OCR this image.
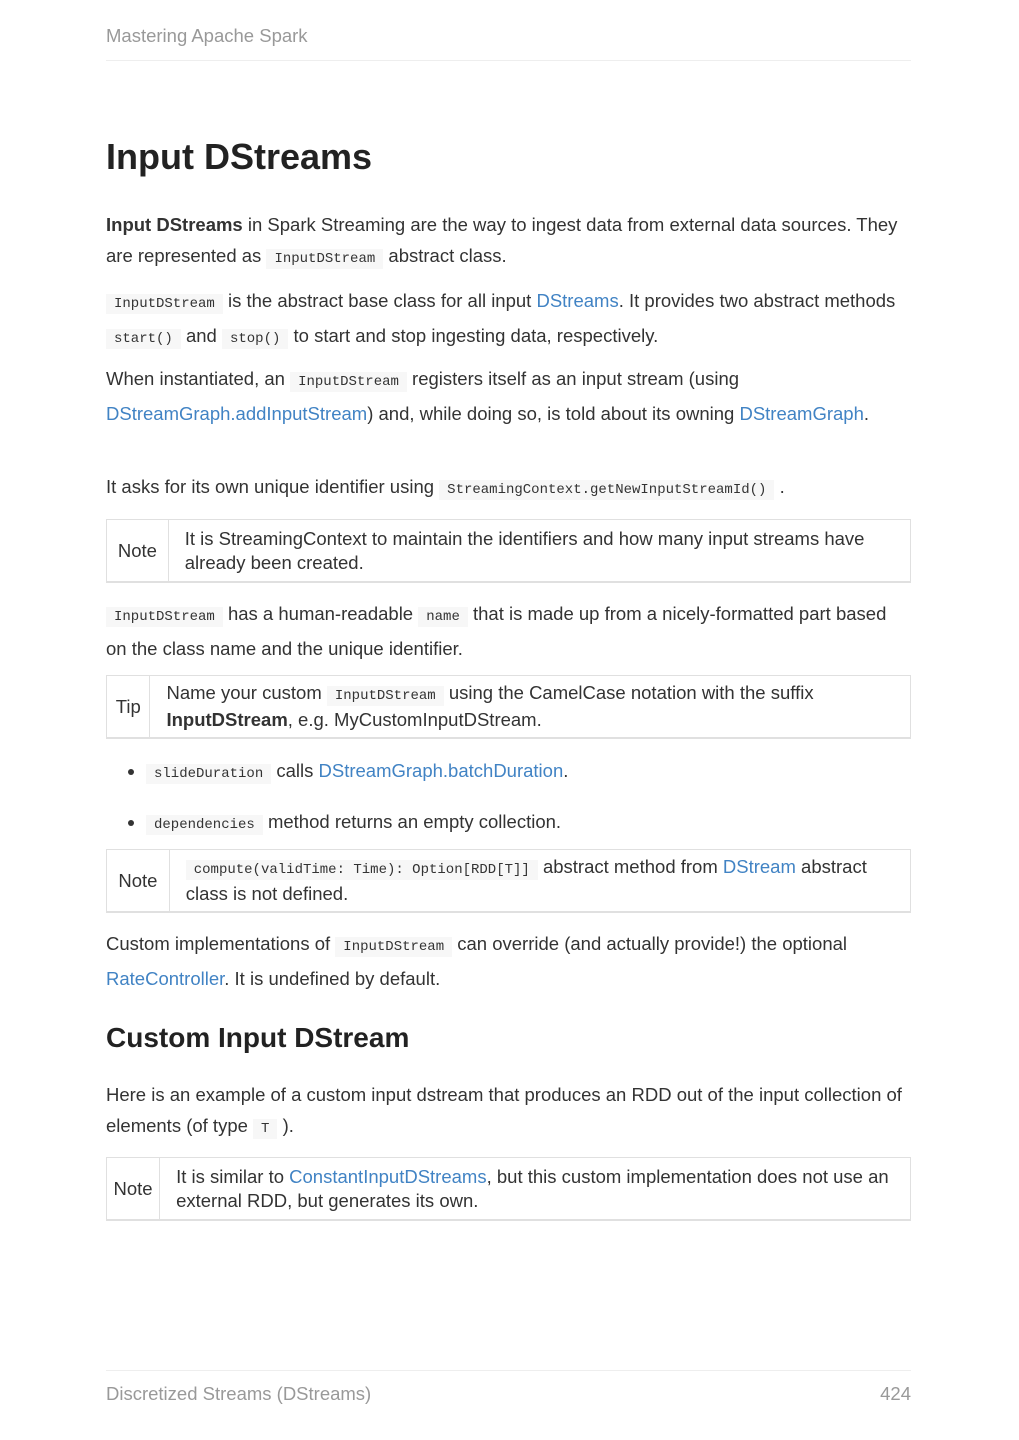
Mastering Apache Spark
Input DStreams

Input DStreams in Spark Streaming are the way to ingest data from external data sources. They are represented as InputDStream abstract class.

InputDStream is the abstract base class for all input DStreams. It provides two abstract methods start() and stop() to start and stop ingesting data, respectively.

When instantiated, an InputDStream registers itself as an input stream (using DStreamGraph.addInputStream) and, while doing so, is told about its owning DStreamGraph.

It asks for its own unique identifier using StreamingContext.getNewInputStreamId() .

Note
It is StreamingContext to maintain the identifiers and how many input streams have already been created.

InputDStream has a human-readable name that is made up from a nicely-formatted part based on the class name and the unique identifier.

Tip
Name your custom InputDStream using the CamelCase notation with the suffix InputDStream, e.g. MyCustomInputDStream.
• slideDuration calls DStreamGraph.batchDuration.
• dependencies method returns an empty collection.
Note	compute(validTime: Time): Option[RDD[T]] abstract method from DStream abstract class is not defined.

Custom implementations of InputDStream can override (and actually provide!) the optional RateController. It is undefined by default.

Custom Input DStream

Here is an example of a custom input dstream that produces an RDD out of the input collection of elements (of type T ).

Note
It is similar to ConstantInputDStreams, but this custom implementation does not use an external RDD, but generates its own.
Discretized Streams (DStreams)	424
